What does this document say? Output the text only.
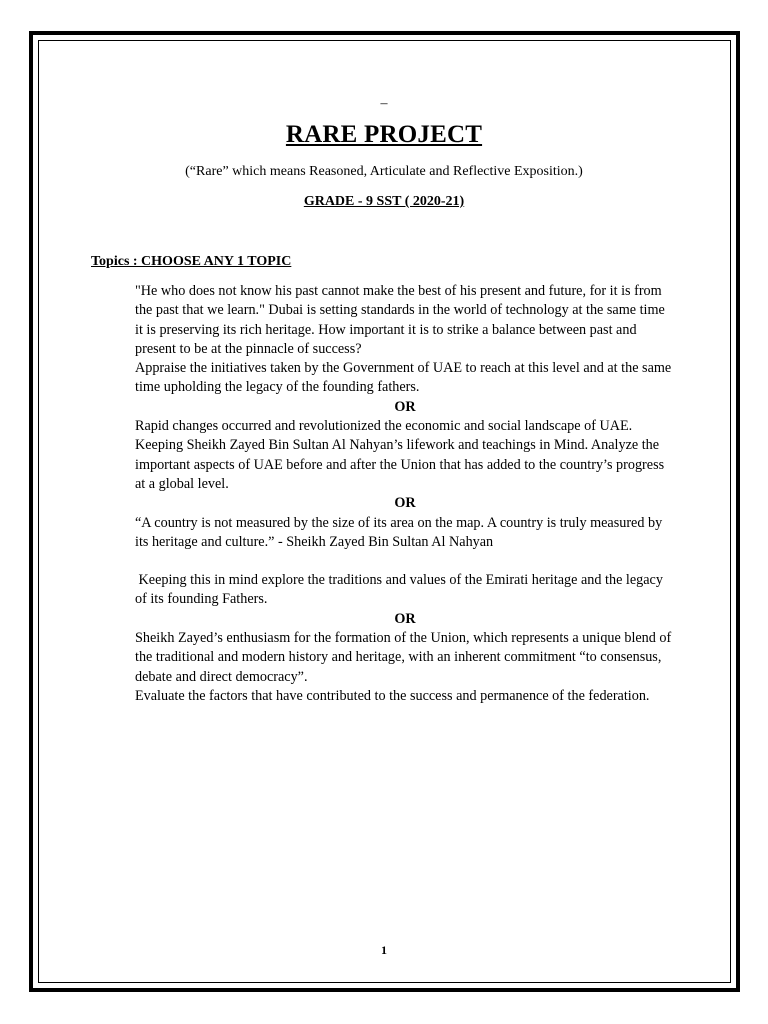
–
RARE PROJECT
(“Rare” which means Reasoned, Articulate and Reflective Exposition.)
GRADE - 9 SST ( 2020-21)
Topics : CHOOSE ANY 1 TOPIC

"He who does not know his past cannot make the best of his present and future, for it is from the past that we learn." Dubai is setting standards in the world of technology at the same time it is preserving its rich heritage. How important it is to strike a balance between past and present to be at the pinnacle of success?

Appraise the initiatives taken by the Government of UAE to reach at this level and at the same time upholding the legacy of the founding fathers.

OR

Rapid changes occurred and revolutionized the economic and social landscape of UAE. Keeping Sheikh Zayed Bin Sultan Al Nahyan’s lifework and teachings in Mind. Analyze the important aspects of UAE before and after the Union that has added to the country’s progress at a global level.

OR

“A country is not measured by the size of its area on the map. A country is truly measured by its heritage and culture.” - Sheikh Zayed Bin Sultan Al Nahyan

Keeping this in mind explore the traditions and values of the Emirati heritage and the legacy of its founding Fathers.

OR

Sheikh Zayed’s enthusiasm for the formation of the Union, which represents a unique blend of the traditional and modern history and heritage, with an inherent commitment “to consensus, debate and direct democracy”.

Evaluate the factors that have contributed to the success and permanence of the federation.

1
